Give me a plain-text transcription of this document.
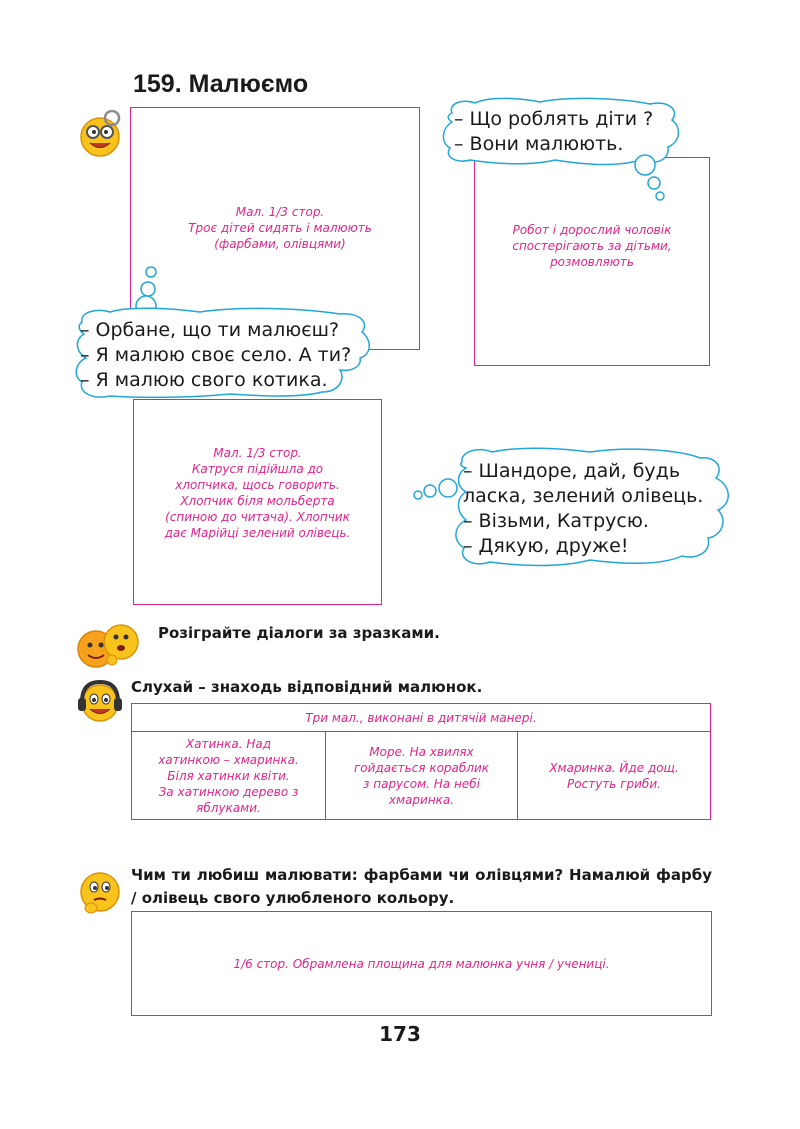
159. Малюємо
Мал. 1/3 стор.
Троє дітей сидять і малюють
(фарбами, олівцями)
Робот і дорослий чоловік
спостерігають за дітьми,
розмовляють
Мал. 1/3 стор.
Катруся підійшла до
хлопчика, щось говорить.
Хлопчик біля мольберта
(спиною до читача). Хлопчик
дає Марійці зелений олівець.
– Що роблять діти ?
– Вони малюють.
– Орбане, що ти малюєш?
– Я малюю своє село. А ти?
– Я малюю свого котика.
– Шандоре, дай, будь
ласка, зелений олівець.
– Візьми, Катрусю.
– Дякую, друже!
Розіграйте діалоги за зразками.
Слухай – знаходь відповідний малюнок.
Три мал., виконані в дитячій манері.
Хатинка. Над
хатинкою – хмаринка.
Біля хатинки квіти.
За хатинкою дерево з
яблуками.
Море. На хвилях
гойдається кораблик
з парусом. На небі
хмаринка.
Хмаринка. Йде дощ.
Ростуть гриби.
Чим ти любиш малювати: фарбами чи олівцями? Намалюй фарбу / олівець свого улюбленого кольору.
1/6 стор. Обрамлена площина для малюнка учня / учениці.
173
